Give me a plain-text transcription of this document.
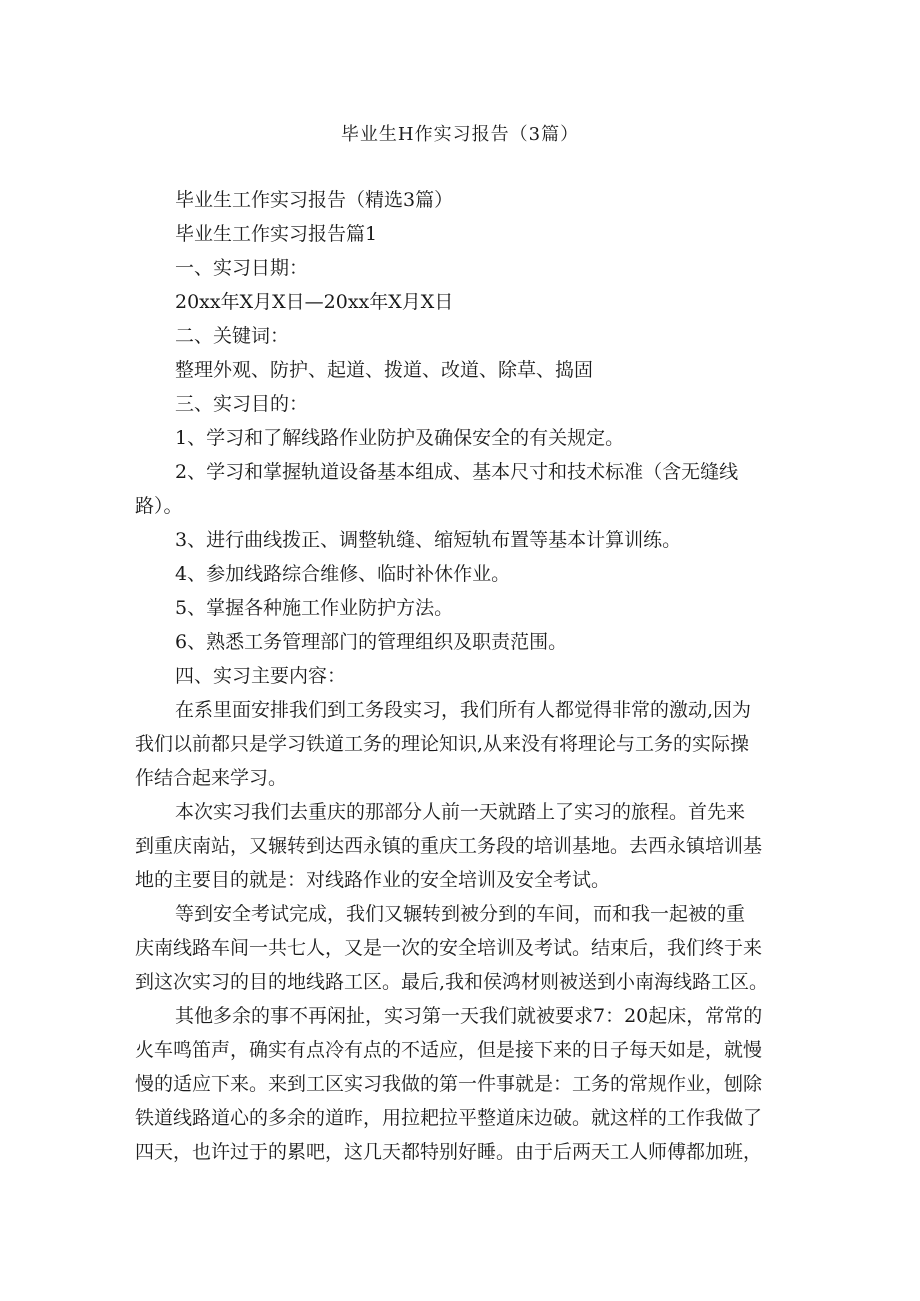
毕业生H作实习报告（3篇）

毕业生工作实习报告（精选3篇）

毕业生工作实习报告篇1

一、实习日期：

20xx年X月X日—20xx年X月X日

二、关键词：

整理外观、防护、起道、拨道、改道、除草、捣固

三、实习目的：

1、学习和了解线路作业防护及确保安全的有关规定。

2、学习和掌握轨道设备基本组成、基本尺寸和技术标准（含无缝线

路）。

3、进行曲线拨正、调整轨缝、缩短轨布置等基本计算训练。

4、参加线路综合维修、临时补休作业。

5、掌握各种施工作业防护方法。

6、熟悉工务管理部门的管理组织及职责范围。

四、实习主要内容：

在系里面安排我们到工务段实习，我们所有人都觉得非常的激动,因为

我们以前都只是学习铁道工务的理论知识,从来没有将理论与工务的实际操

作结合起来学习。

本次实习我们去重庆的那部分人前一天就踏上了实习的旅程。首先来

到重庆南站，又辗转到达西永镇的重庆工务段的培训基地。去西永镇培训基

地的主要目的就是：对线路作业的安全培训及安全考试。

等到安全考试完成，我们又辗转到被分到的车间，而和我一起被的重

庆南线路车间一共七人，又是一次的安全培训及考试。结束后，我们终于来

到这次实习的目的地线路工区。最后,我和侯鸿材则被送到小南海线路工区。

其他多余的事不再闲扯，实习第一天我们就被要求7：20起床，常常的

火车鸣笛声，确实有点冷有点的不适应，但是接下来的日子每天如是，就慢

慢的适应下来。来到工区实习我做的第一件事就是：工务的常规作业，刨除

铁道线路道心的多余的道昨，用拉耙拉平整道床边破。就这样的工作我做了

四天，也许过于的累吧，这几天都特别好睡。由于后两天工人师傅都加班，
